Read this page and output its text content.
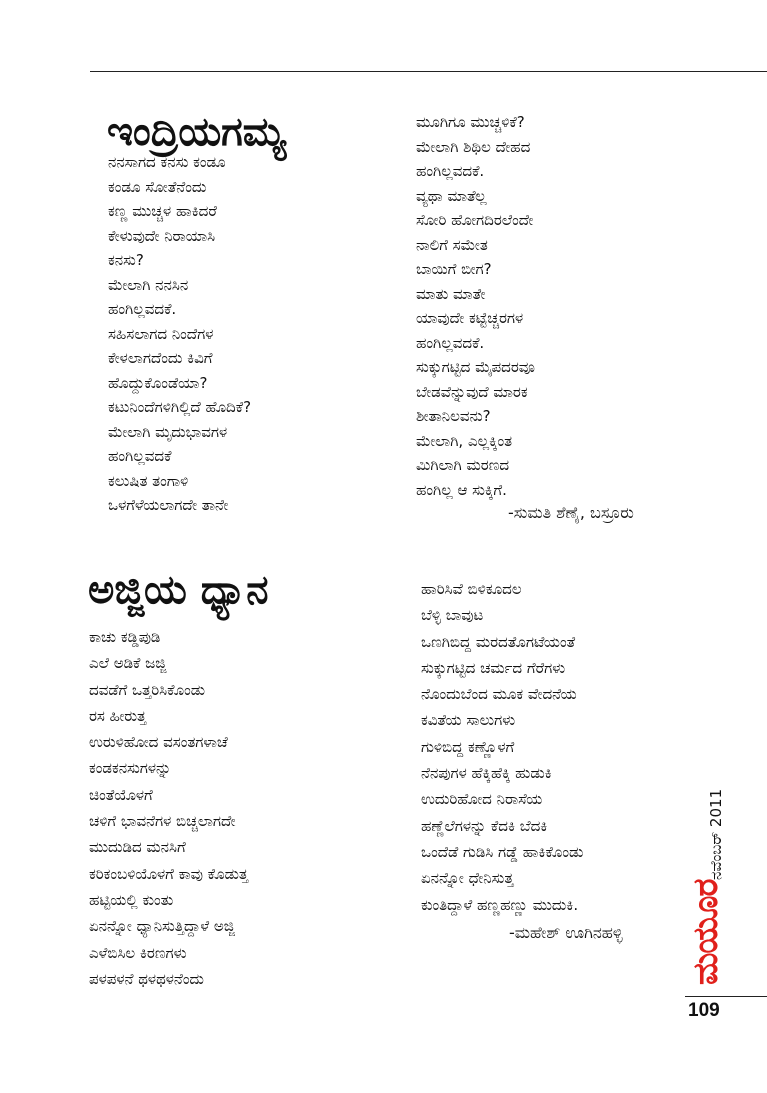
ಇಂದ್ರಿಯಗಮ್ಯ
ನನಸಾಗದ ಕನಸು ಕಂಡೂ
ಕಂಡೂ ಸೋತೆನೆಂದು
ಕಣ್ಣ ಮುಚ್ಚಳ ಹಾಕಿದರೆ
ಕೇಳುವುದೇ ನಿರಾಯಾಸಿ
ಕನಸು?
ಮೇಲಾಗಿ ನನಸಿನ
ಹಂಗಿಲ್ಲವದಕೆ.
ಸಹಿಸಲಾಗದ ನಿಂದೆಗಳ
ಕೇಳಲಾಗದೆಂದು ಕಿವಿಗೆ
ಹೊದ್ದುಕೊಂಡೆಯಾ?
ಕಟುನಿಂದೆಗಳಿಗಿಲ್ಲಿದೆ ಹೊದಿಕೆ?
ಮೇಲಾಗಿ ಮೃದುಭಾವಗಳ
ಹಂಗಿಲ್ಲವದಕೆ
ಕಲುಷಿತ ತಂಗಾಳಿ
ಒಳಗೆಳೆಯಲಾಗದೇ ತಾನೇ
ಮೂಗಿಗೂ ಮುಚ್ಚಳಿಕೆ?
ಮೇಲಾಗಿ ಶಿಥಿಲ ದೇಹದ
ಹಂಗಿಲ್ಲವದಕೆ.
ವ್ಯಥಾ ಮಾತೆಲ್ಲ
ಸೋರಿ ಹೋಗದಿರಲೆಂದೇ
ನಾಲಿಗೆ ಸಮೇತ
ಬಾಯಿಗೆ ಬೀಗ?
ಮಾತು ಮಾತೇ
ಯಾವುದೇ ಕಟ್ಟೆಚ್ಚರಗಳ
ಹಂಗಿಲ್ಲವದಕೆ.
ಸುಕ್ಕುಗಟ್ಟಿದ ಮೈಪದರವೂ
ಬೇಡವೆನ್ನುವುದೆ ಮಾರಕ
ಶೀತಾನಿಲವನು?
ಮೇಲಾಗಿ, ಎಲ್ಲಕ್ಕಿಂತ
ಮಿಗಿಲಾಗಿ ಮರಣದ
ಹಂಗಿಲ್ಲ ಆ ಸುಕ್ಕಿಗೆ.
-ಸುಮತಿ ಶೆಣೈ, ಬಸ್ರೂರು
ಅಜ್ಜಿಯ ಧ್ಯಾನ
ಕಾಚು ಕಡ್ಡಿಪುಡಿ
ಎಲೆ ಅಡಿಕೆ ಜಜ್ಜಿ
ದವಡೆಗೆ ಒತ್ತರಿಸಿಕೊಂಡು
ರಸ ಹೀರುತ್ತ
ಉರುಳಿಹೋದ ವಸಂತಗಳಾಚೆ
ಕಂಡಕನಸುಗಳನ್ನು
ಚಿಂತೆಯೊಳಗೆ
ಚಳಿಗೆ ಭಾವನೆಗಳ ಬಿಚ್ಚಲಾಗದೇ
ಮುದುಡಿದ ಮನಸಿಗೆ
ಕರಿಕಂಬಳಿಯೊಳಗೆ ಕಾವು ಕೊಡುತ್ತ
ಹಟ್ಟಿಯಲ್ಲಿ ಕುಂತು
ಏನನ್ನೋ ಧ್ಯಾನಿಸುತ್ತಿದ್ದಾಳೆ ಅಜ್ಜಿ
ಎಳೆಬಿಸಿಲ ಕಿರಣಗಳು
ಪಳಪಳನೆ ಥಳಥಳನೆಂದು
ಹಾರಿಸಿವೆ ಬಿಳಿಕೂದಲ
ಬೆಳ್ಳಿ ಬಾವುಟ
ಒಣಗಿಬಿದ್ದ ಮರದತೊಗಟೆಯಂತೆ
ಸುಕ್ಕುಗಟ್ಟಿದ ಚರ್ಮದ ಗೆರೆಗಳು
ನೊಂದುಬೆಂದ ಮೂಕ ವೇದನೆಯ
ಕವಿತೆಯ ಸಾಲುಗಳು
ಗುಳಿಬಿದ್ದ ಕಣ್ಣೊಳಗೆ
ನೆನಪುಗಳ ಹೆಕ್ಕಿಹೆಕ್ಕಿ ಹುಡುಕಿ
ಉದುರಿಹೋದ ನಿರಾಸೆಯ
ಹಣ್ಣೆಲೆಗಳನ್ನು ಕೆದಕಿ ಬೆದಕಿ
ಒಂದೆಡೆ ಗುಡಿಸಿ ಗಡ್ಡೆ ಹಾಕಿಕೊಂಡು
ಏನನ್ನೋ ಧೇನಿಸುತ್ತ
ಕುಂತಿದ್ದಾಳೆ ಹಣ್ಣಹಣ್ಣು ಮುದುಕಿ.
-ಮಹೇಶ್ ಊಗಿನಹಳ್ಳಿ
ನವೆಂಬರ್ 2011
ಮಯೂರ
109
